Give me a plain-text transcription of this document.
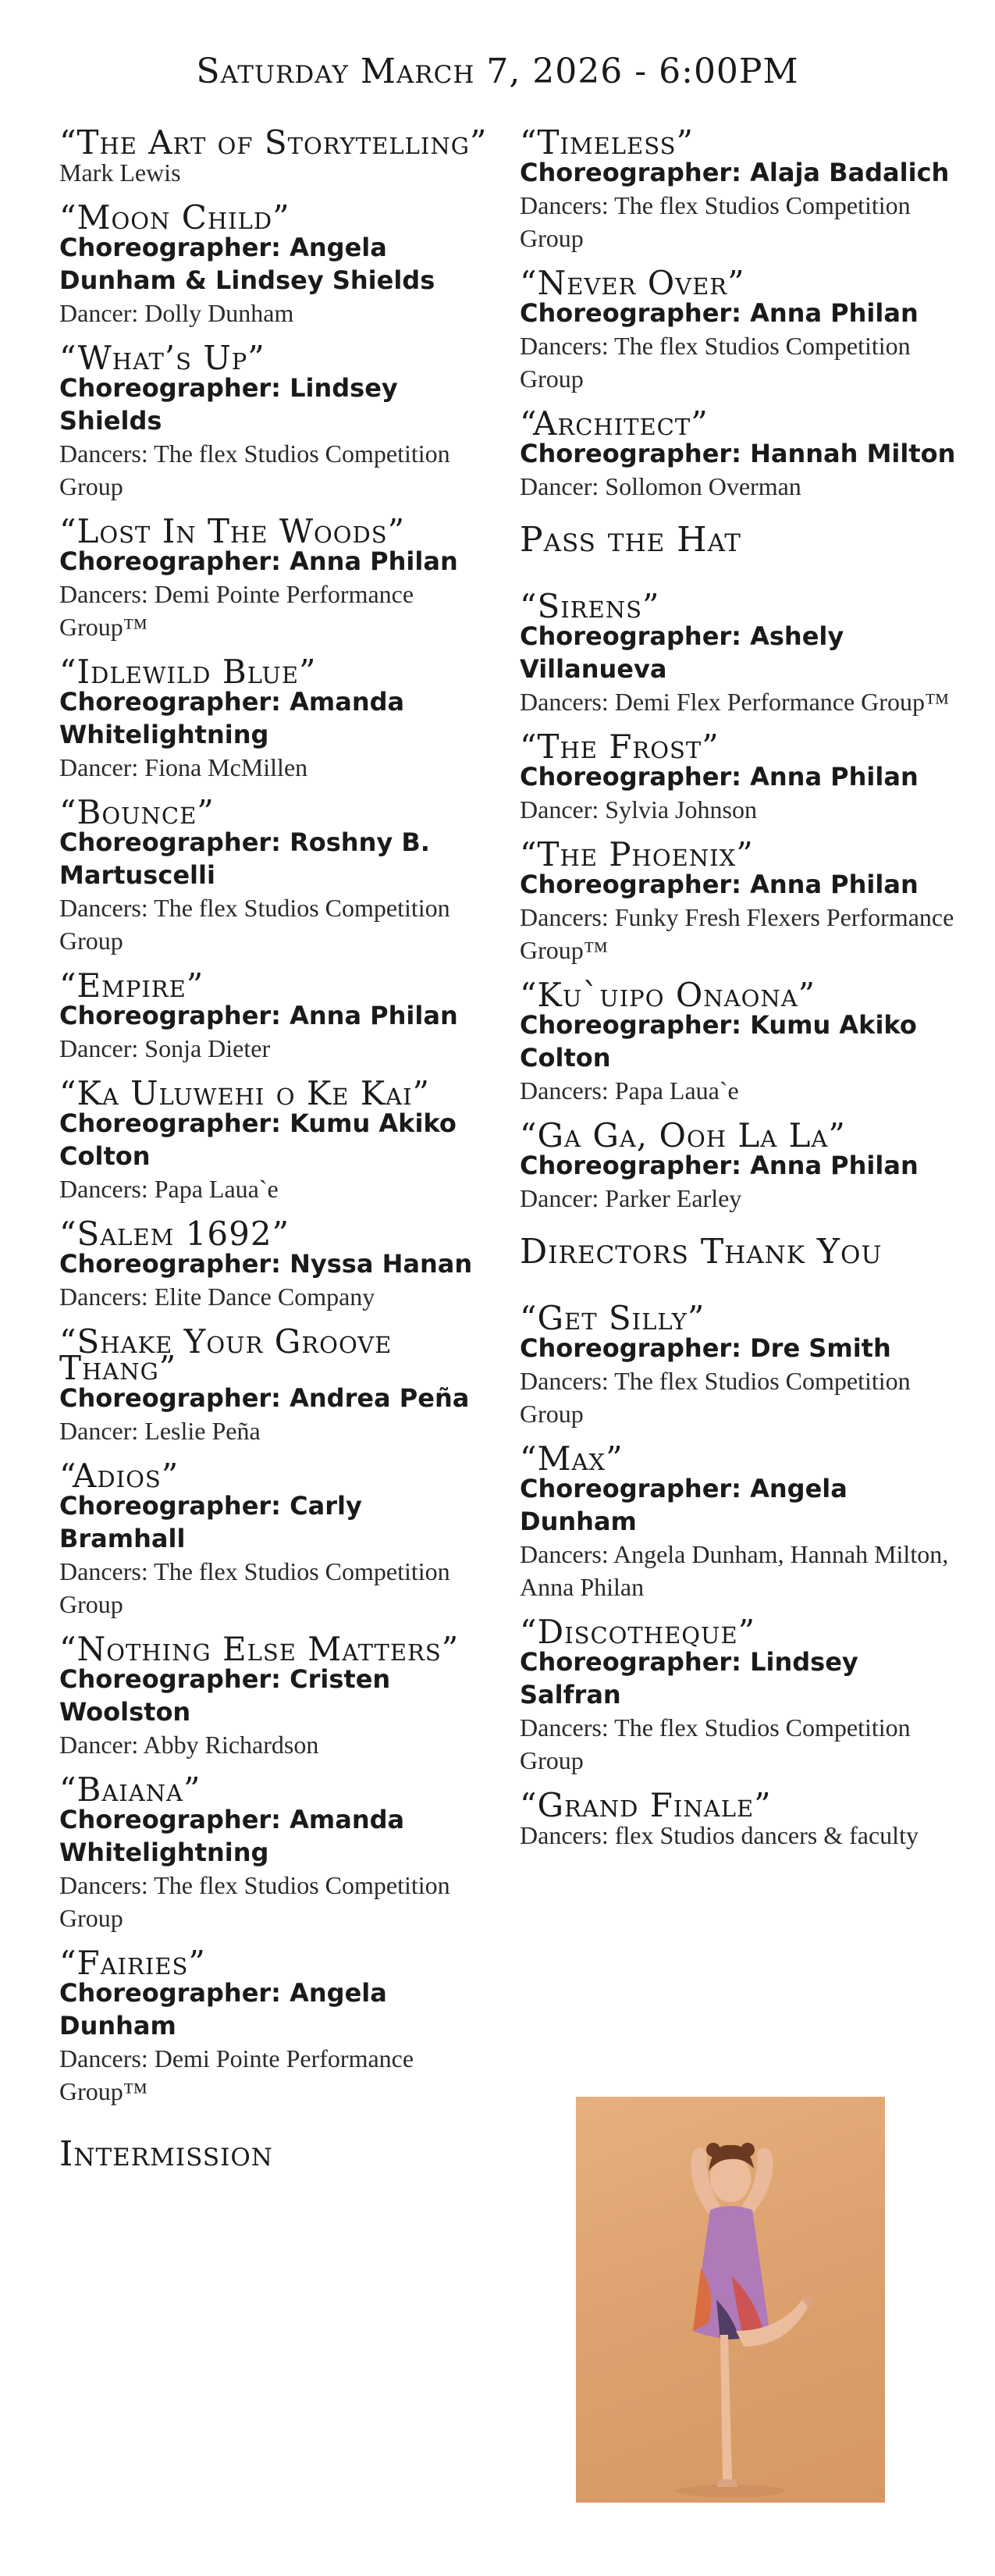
Saturday March 7, 2026 - 6:00PM
“The Art of Storytelling”
Mark Lewis
“Moon Child”
Choreographer: Angela Dunham & Lindsey Shields
Dancer: Dolly Dunham
“What’s Up”
Choreographer: Lindsey Shields
Dancers: The flex Studios Competition Group
“Lost In The Woods”
Choreographer: Anna Philan
Dancers: Demi Pointe Performance Group™
“Idlewild Blue”
Choreographer: Amanda Whitelightning
Dancer: Fiona McMillen
“Bounce”
Choreographer: Roshny B. Martuscelli
Dancers: The flex Studios Competition Group
“Empire”
Choreographer: Anna Philan
Dancer: Sonja Dieter
“Ka Uluwehi o Ke Kai”
Choreographer: Kumu Akiko Colton
Dancers: Papa Laua`e
“Salem 1692”
Choreographer: Nyssa Hanan
Dancers: Elite Dance Company
“Shake Your Groove Thang”
Choreographer: Andrea Peña
Dancer: Leslie Peña
“Adios”
Choreographer: Carly Bramhall
Dancers: The flex Studios Competition Group
“Nothing Else Matters”
Choreographer: Cristen Woolston
Dancer: Abby Richardson
“Baiana”
Choreographer: Amanda Whitelightning
Dancers: The flex Studios Competition Group
“Fairies”
Choreographer: Angela Dunham
Dancers: Demi Pointe Performance Group™
Intermission
“Timeless”
Choreographer: Alaja Badalich
Dancers: The flex Studios Competition Group
“Never Over”
Choreographer: Anna Philan
Dancers: The flex Studios Competition Group
“Architect”
Choreographer: Hannah Milton
Dancer: Sollomon Overman
Pass the Hat
“Sirens”
Choreographer: Ashely Villanueva
Dancers: Demi Flex Performance Group™
“The Frost”
Choreographer: Anna Philan
Dancer: Sylvia Johnson
“The Phoenix”
Choreographer: Anna Philan
Dancers: Funky Fresh Flexers Performance Group™
“Ku`uipo Onaona”
Choreographer: Kumu Akiko Colton
Dancers: Papa Laua`e
“Ga Ga, Ooh La La”
Choreographer: Anna Philan
Dancer: Parker Earley
Directors Thank You
“Get Silly”
Choreographer: Dre Smith
Dancers: The flex Studios Competition Group
“Max”
Choreographer: Angela Dunham
Dancers: Angela Dunham, Hannah Milton, Anna Philan
“Discotheque”
Choreographer: Lindsey Salfran
Dancers: The flex Studios Competition Group
“Grand Finale”
Dancers: flex Studios dancers & faculty
